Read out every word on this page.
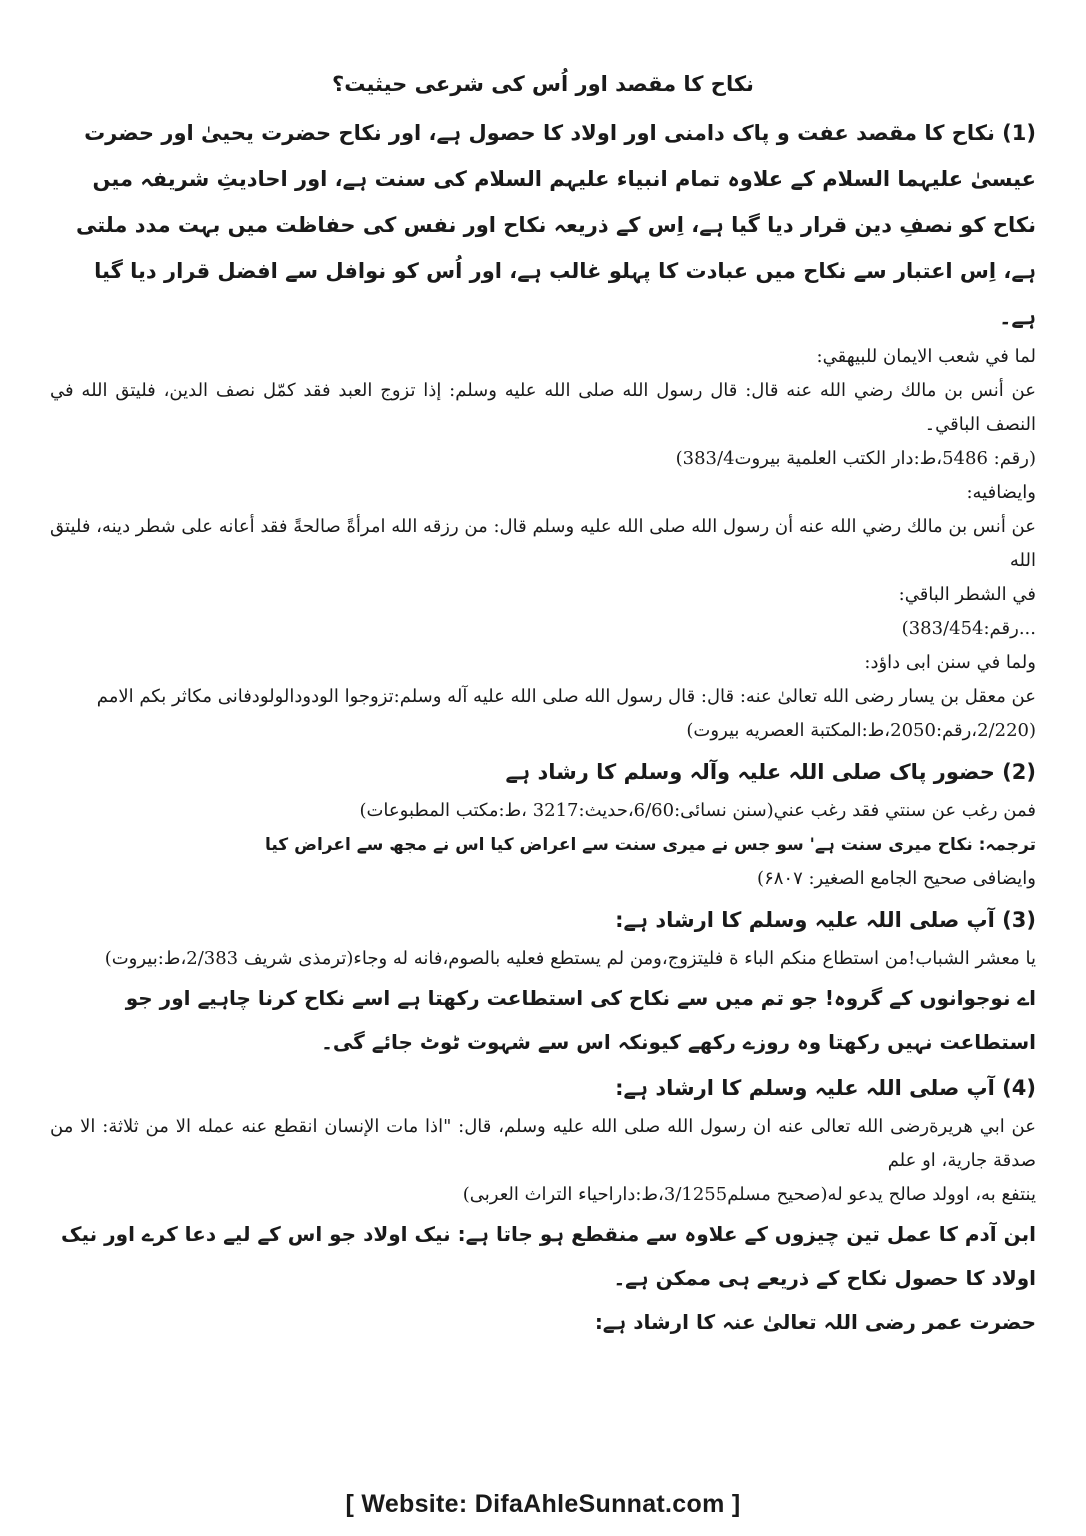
نکاح کا مقصد اور اُس کی شرعی حیثیت؟

(1) نکاح کا مقصد عفت و پاک دامنی اور اولاد کا حصول ہے، اور نکاح حضرت یحییٰ اور حضرت عیسیٰ علیہما السلام کے علاوہ تمام انبیاء علیہم السلام کی سنت ہے، اور احادیثِ شریفہ میں نکاح کو نصفِ دین قرار دیا گیا ہے، اِس کے ذریعہ نکاح اور نفس کی حفاظت میں بہت مدد ملتی ہے، اِس اعتبار سے نکاح میں عبادت کا پہلو غالب ہے، اور اُس کو نوافل سے افضل قرار دیا گیا ہے۔

لما في شعب الایمان للبیهقي:

عن أنس بن مالك رضي الله عنه قال: قال رسول الله صلى الله عليه وسلم: إذا تزوج العبد فقد كمّل نصف الدين، فليتق الله في النصف الباقي۔

(رقم: 5486،ط:دار الكتب العلمية بيروت383/4)

وایضافیه:

عن أنس بن مالك رضي الله عنه أن رسول الله صلى الله عليه وسلم قال: من رزقه الله امرأةً صالحةً فقد أعانه على شطر دينه، فليتق الله

في الشطر الباقي:

...رقم:383/454)

ولما في سنن ابی داؤد:

عن معقل بن یسار رضی الله تعالیٰ عنه: قال: قال رسول الله صلی الله علیه آله وسلم:تزوجوا الودودالولودفانی مکاثر بکم الامم

(2/220،رقم:2050،ط:المکتبة العصریه بیروت)

(2) حضور پاک صلی اللہ علیہ وآلہ وسلم کا رشاد ہے

فمن رغب عن سنتي فقد رغب عني(سنن نسائی:6/60،حدیث:3217 ،ط:مکتب المطبوعات)

ترجمہ: نکاح میری سنت ہے' سو جس نے میری سنت سے اعراض کیا اس نے مجھ سے اعراض کیا

وایضافی صحیح الجامع الصغیر: ۶۸۰۷)

(3) آپ صلی اللہ علیہ وسلم کا ارشاد ہے:

یا معشر الشباب!من استطاع منکم الباء ة فلیتزوج،ومن لم یستطع فعلیه بالصوم،فانه له وجاء(ترمذی شریف 2/383،ط:بیروت)

اے نوجوانوں کے گروہ! جو تم میں سے نکاح کی استطاعت رکھتا ہے اسے نکاح کرنا چاہیے اور جو استطاعت نہیں رکھتا وہ روزے رکھے کیونکہ اس سے شہوت ٹوٹ جائے گی۔

(4) آپ صلی اللہ علیہ وسلم کا ارشاد ہے:

عن ابي هريرةرضی الله تعالی عنه ان رسول الله صلى الله عليه وسلم، قال: "اذا مات الإنسان انقطع عنه عمله الا من ثلاثة: الا من صدقة جارية، او علم

ينتفع به، اوولد صالح يدعو له(صحیح مسلم3/1255،ط:داراحیاء التراث العربی)

ابن آدم کا عمل تین چیزوں کے علاوہ سے منقطع ہو جاتا ہے: نیک اولاد جو اس کے لیے دعا کرے اور نیک اولاد کا حصول نکاح کے ذریعے ہی ممکن ہے۔

حضرت عمر رضی اللہ تعالیٰ عنہ کا ارشاد ہے:

[ Website: DifaAhleSunnat.com ]
